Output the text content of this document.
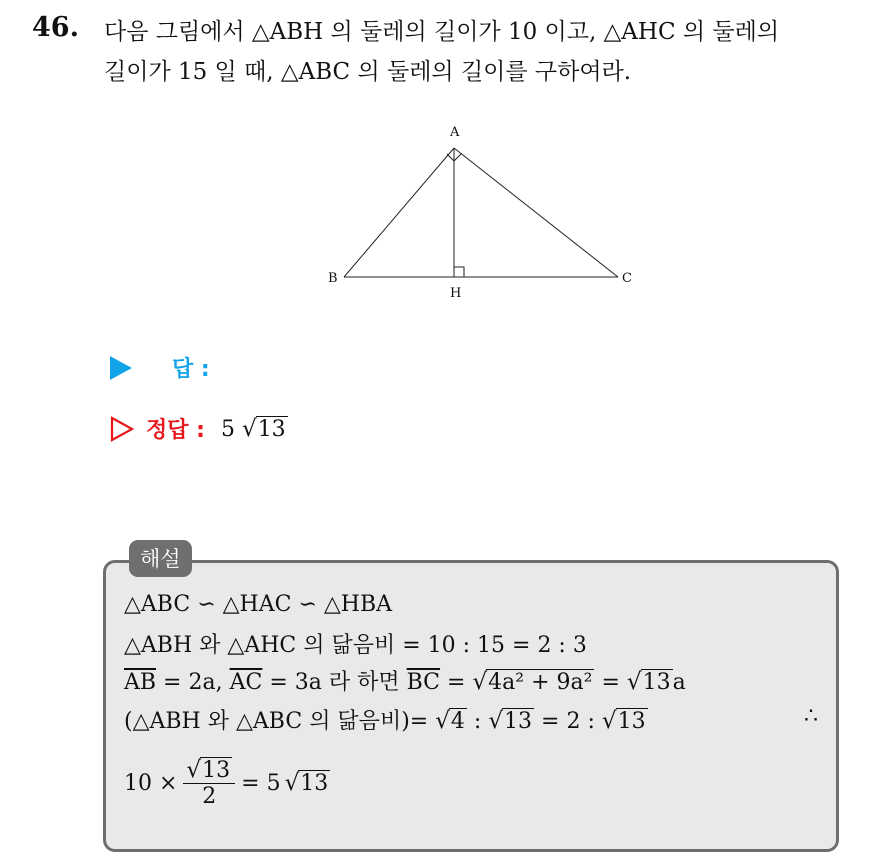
46. 다음 그림에서 △ABH 의 둘레의 길이가 10 이고, △AHC 의 둘레의
길이가 15 일 때, △ABC 의 둘레의 길이를 구하여라.
A
B	C
H
답 :
정답 : 5 √13
해설
△ABC ∽ △HAC ∽ △HBA
△ABH 와 △AHC 의 닮음비 = 10 : 15 = 2 : 3
$\overline{AB} = 2a$, $\overline{AC} = 3a$ 라 하면 $\overline{BC} = √4a^2 + 9a^2 = √13a$
(△ABH 와 △ABC 의 닮음비)= √4 : √13 = 2 : √13	∴
$10 \times \frac{√13}{2} = 5$ √13
